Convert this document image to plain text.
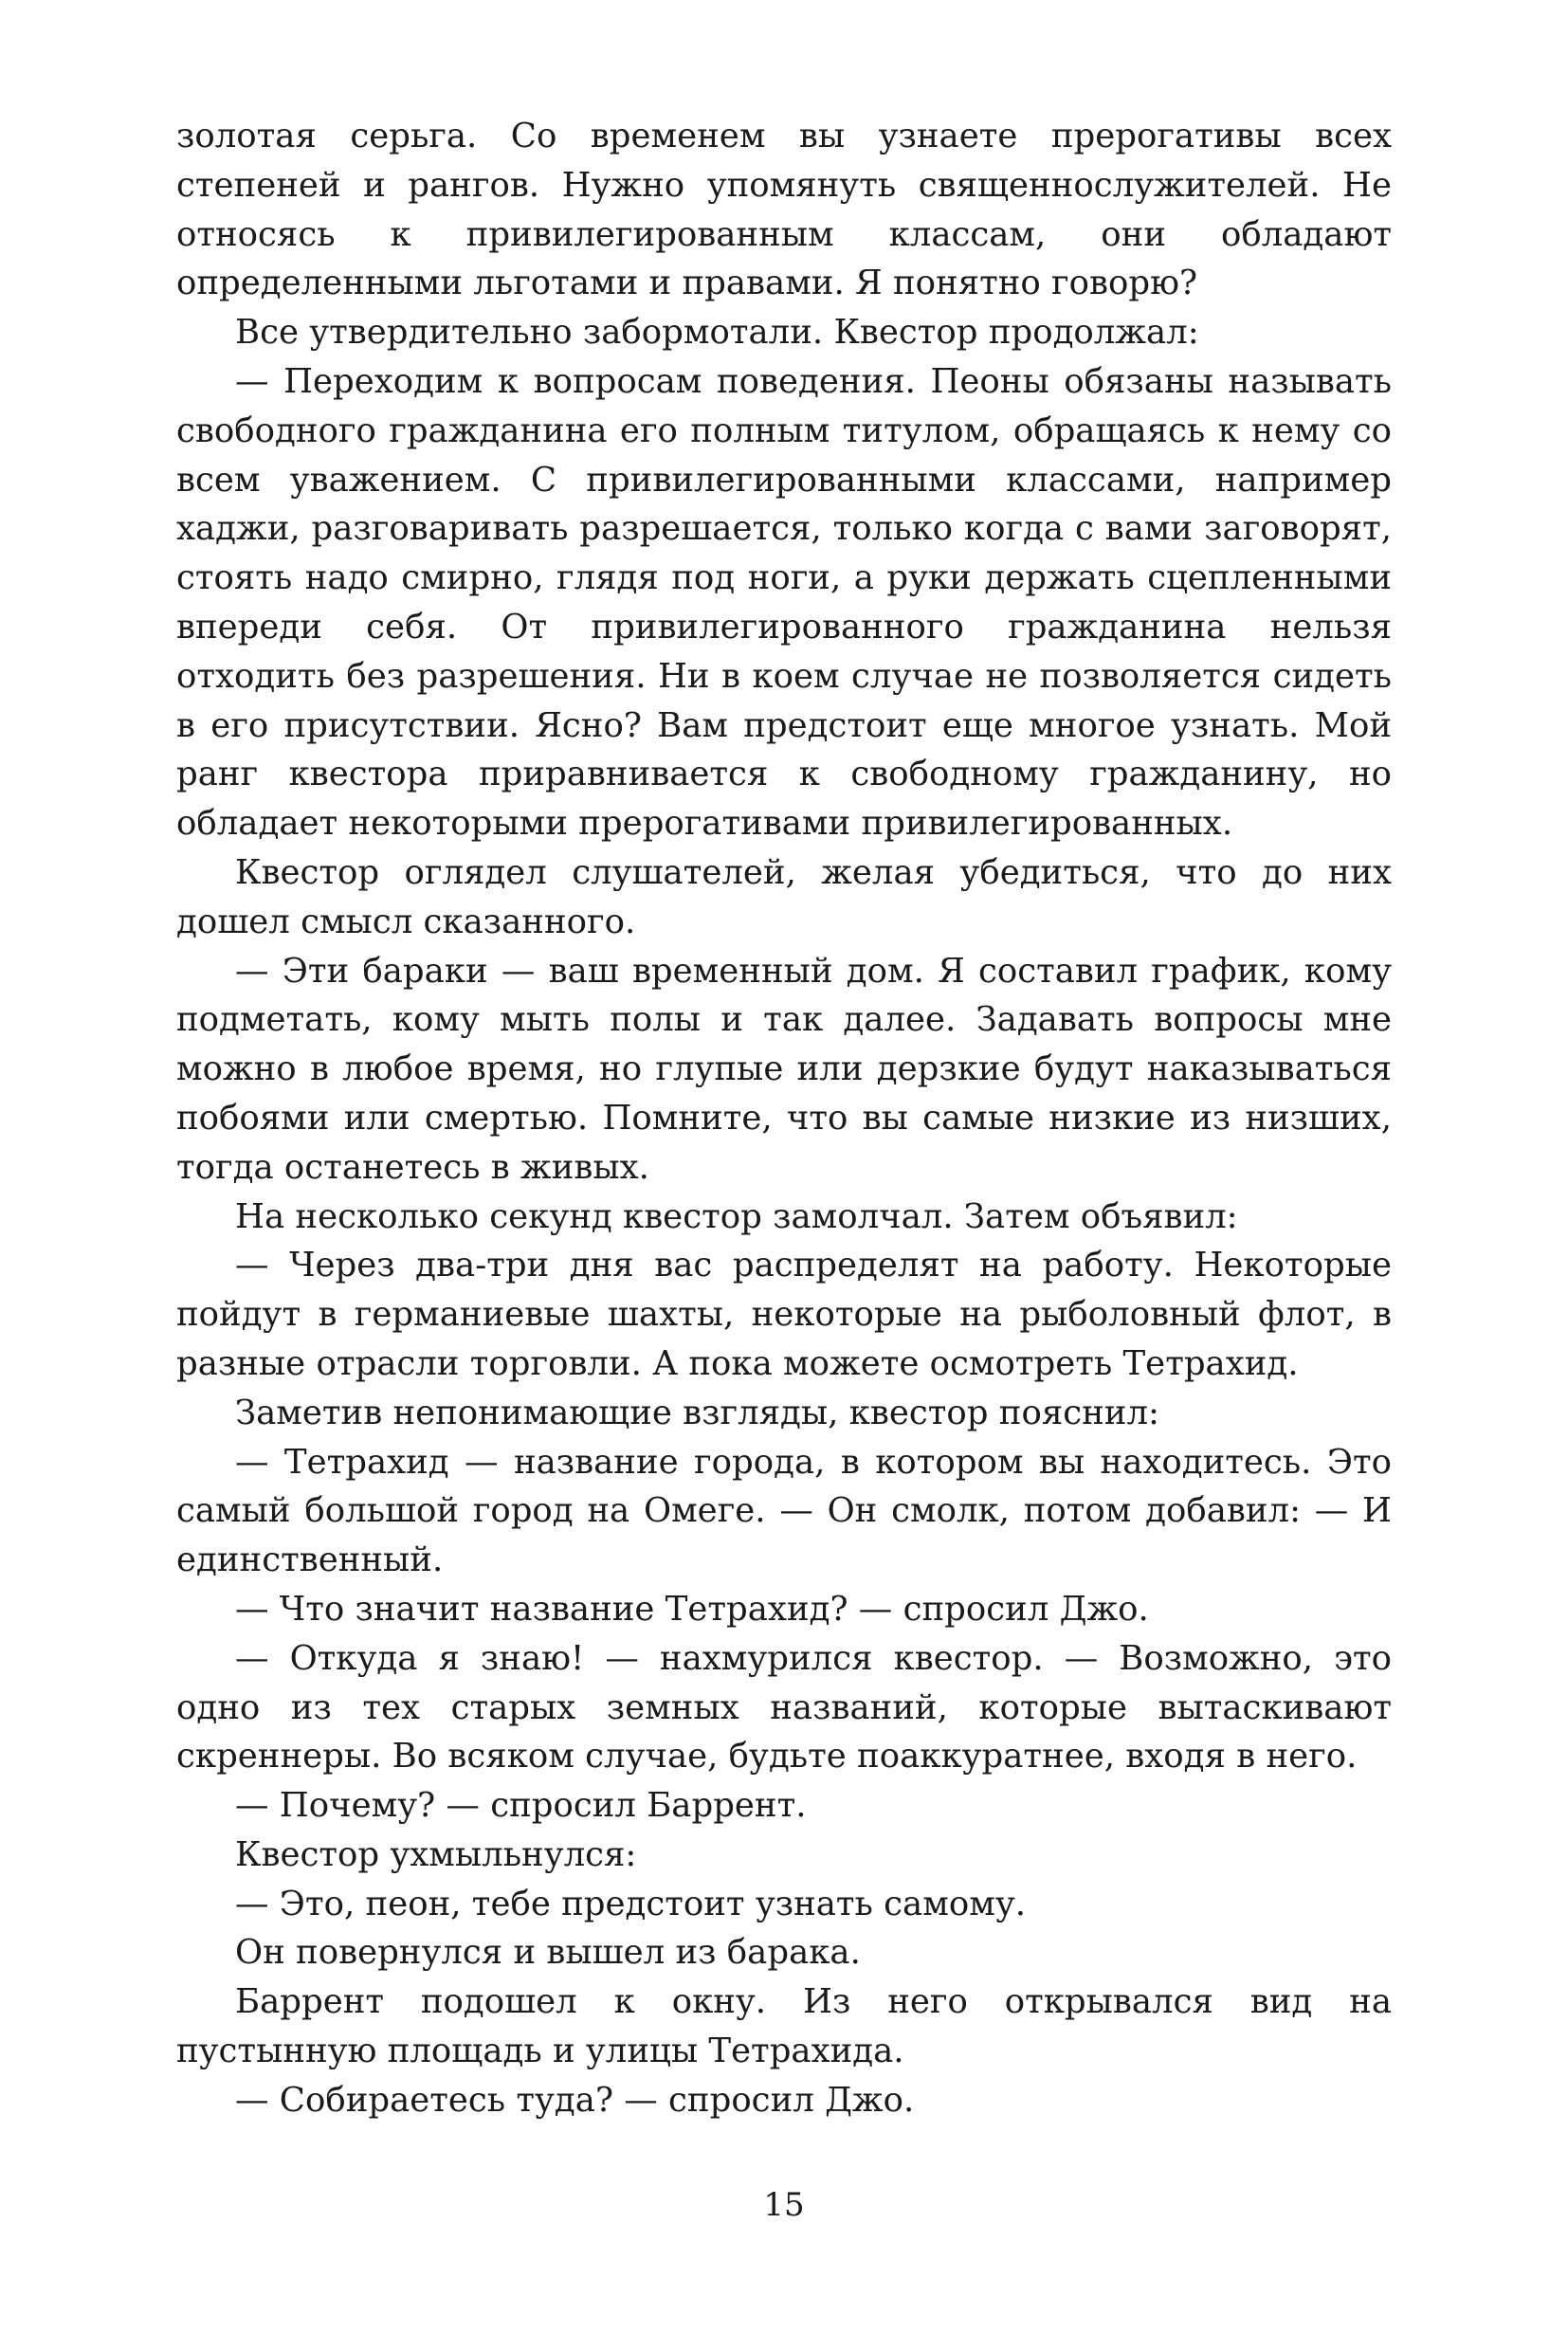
золотая серьга. Со временем вы узнаете прерогативы всех степеней и рангов. Нужно упомянуть священнослужителей. Не относясь к привилегированным классам, они обладают определенными льготами и правами. Я понятно говорю?

Все утвердительно забормотали. Квестор продолжал:

— Переходим к вопросам поведения. Пеоны обязаны называть свободного гражданина его полным титулом, обращаясь к нему со всем уважением. С привилегированными классами, например хаджи, разговаривать разрешается, только когда с вами заговорят, стоять надо смирно, глядя под ноги, а руки держать сцепленными впереди себя. От привилегированного гражданина нельзя отходить без разрешения. Ни в коем случае не позволяется сидеть в его присутствии. Ясно? Вам предстоит еще многое узнать. Мой ранг квестора приравнивается к свободному гражданину, но обладает некоторыми прерогативами привилегированных.

Квестор оглядел слушателей, желая убедиться, что до них дошел смысл сказанного.

— Эти бараки — ваш временный дом. Я составил график, кому подметать, кому мыть полы и так далее. Задавать вопросы мне можно в любое время, но глупые или дерзкие будут наказываться побоями или смертью. Помните, что вы самые низкие из низших, тогда останетесь в живых.

На несколько секунд квестор замолчал. Затем объявил:

— Через два-три дня вас распределят на работу. Некоторые пойдут в германиевые шахты, некоторые на рыболовный флот, в разные отрасли торговли. А пока можете осмотреть Тетрахид.

Заметив непонимающие взгляды, квестор пояснил:

— Тетрахид — название города, в котором вы находитесь. Это самый большой город на Омеге. — Он смолк, потом добавил: — И единственный.

— Что значит название Тетрахид? — спросил Джо.

— Откуда я знаю! — нахмурился квестор. — Возможно, это одно из тех старых земных названий, которые вытаскивают скреннеры. Во всяком случае, будьте поаккуратнее, входя в него.

— Почему? — спросил Баррент.

Квестор ухмыльнулся:

— Это, пеон, тебе предстоит узнать самому.

Он повернулся и вышел из барака.

Баррент подошел к окну. Из него открывался вид на пустынную площадь и улицы Тетрахида.

— Собираетесь туда? — спросил Джо.

15
